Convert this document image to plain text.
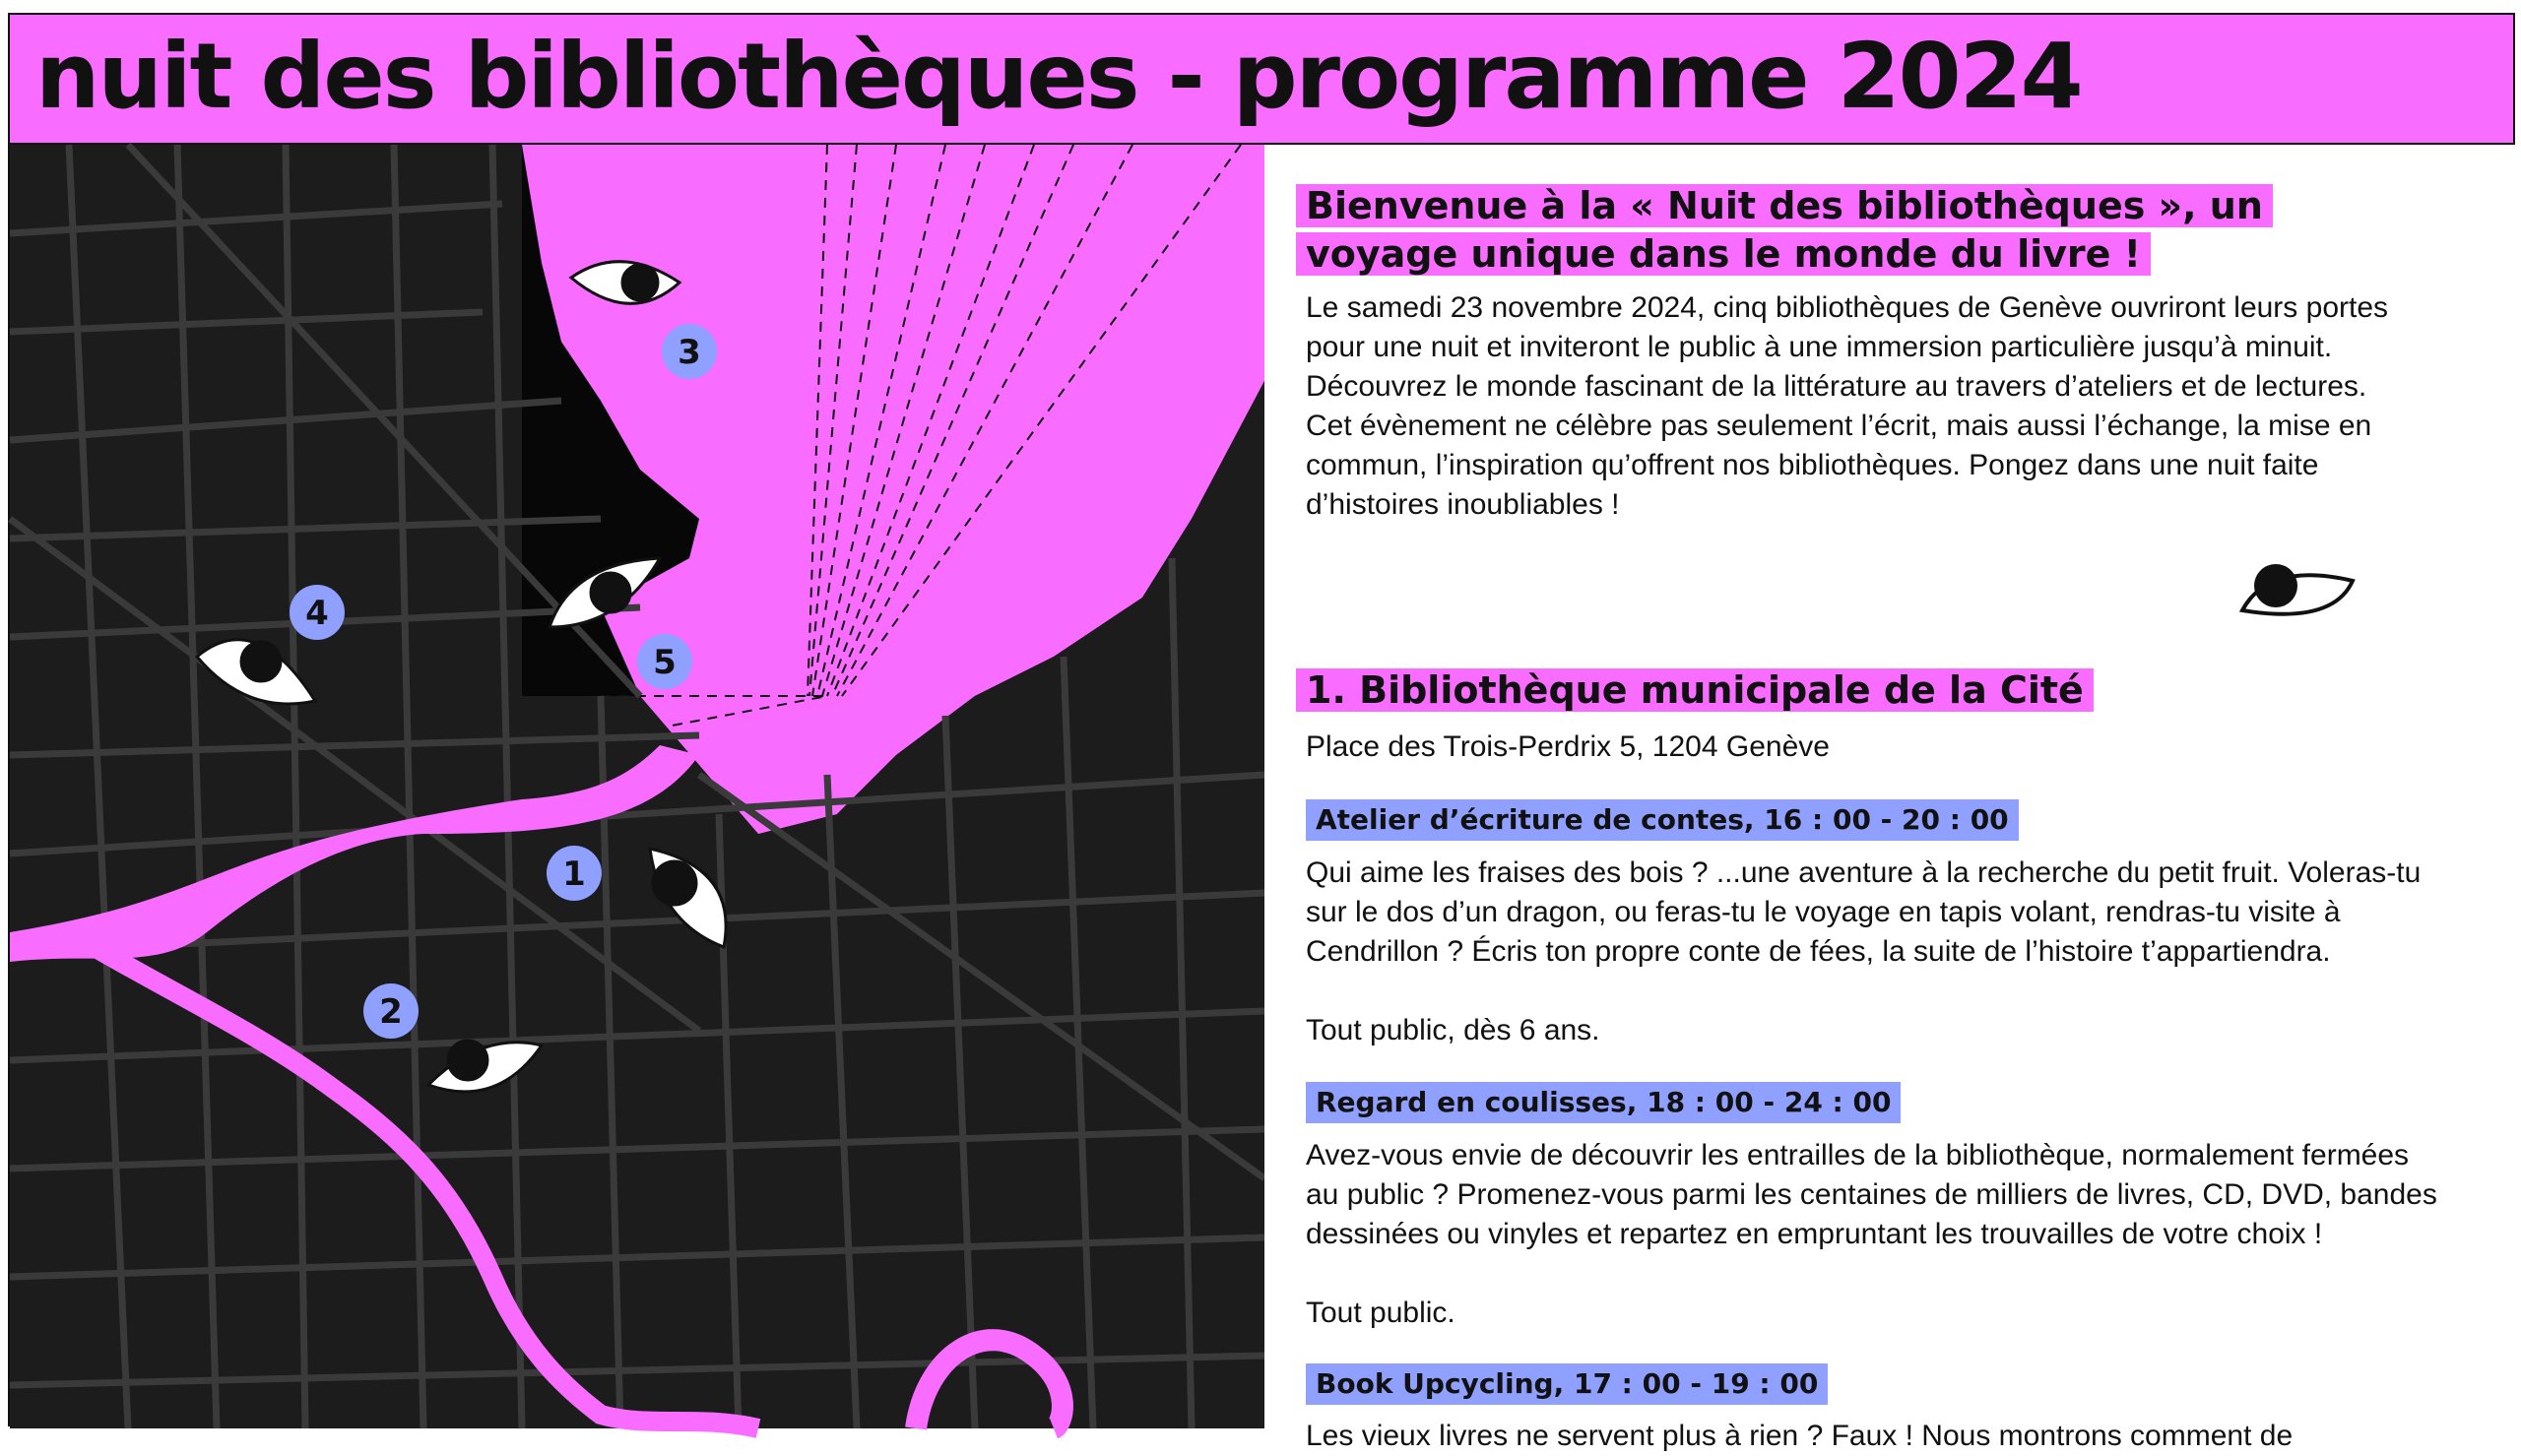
nuit des bibliothèques - programme 2024
1
2
3
4
5
Bienvenue à la « Nuit des bibliothèques », un voyage unique dans le monde du livre !

Le samedi 23 novembre 2024, cinq bibliothèques de Genève ouvriront leurs portes pour une nuit et inviteront le public à une immersion particulière jusqu’à minuit. Découvrez le monde fascinant de la littérature au travers d’ateliers et de lectures. Cet évènement ne célèbre pas seulement l’écrit, mais aussi l’échange, la mise en commun, l’inspiration qu’offrent nos bibliothèques. Pongez dans une nuit faite d’histoires inoubliables !

1. Bibliothèque municipale de la Cité

Place des Trois-Perdrix 5, 1204 Genève

Atelier d’écriture de contes, 16 : 00 - 20 : 00

Qui aime les fraises des bois ? ...une aventure à la recherche du petit fruit. Voleras-tu sur le dos d’un dragon, ou feras-tu le voyage en tapis volant, rendras-tu visite à Cendrillon ? Écris ton propre conte de fées, la suite de l’histoire t’appartiendra.

Tout public, dès 6 ans.

Regard en coulisses, 18 : 00 - 24 : 00

Avez-vous envie de découvrir les entrailles de la bibliothèque, normalement fermées au public ? Promenez-vous parmi les centaines de milliers de livres, CD, DVD, bandes dessinées ou vinyles et repartez en empruntant les trouvailles de votre choix !

Tout public.

Book Upcycling, 17 : 00 - 19 : 00

Les vieux livres ne servent plus à rien ? Faux ! Nous montrons comment de
